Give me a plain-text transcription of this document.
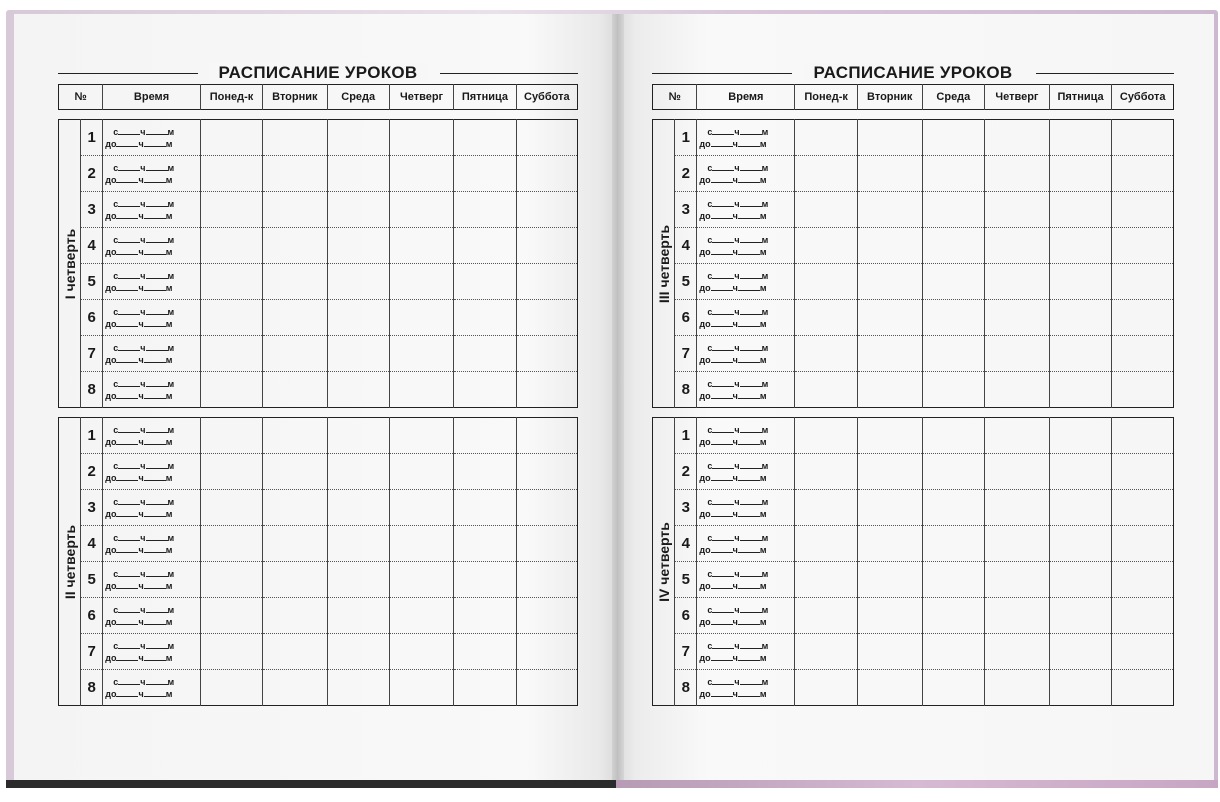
РАСПИСАНИЕ УРОКОВ
№	Время	Понед-к	Вторник	Среда	Четверг	Пятница	Суббота
I четверть	1	с ч м
до ч м						

	2	с ч м
до ч м						

	3	с ч м
до ч м						

	4	с ч м
до ч м						

	5	с ч м
до ч м						

	6	с ч м
до ч м						

	7	с ч м
до ч м						

	8	с ч м
до ч м						

II четверть	1	с ч м
до ч м						

	2	с ч м
до ч м						

	3	с ч м
до ч м						

	4	с ч м
до ч м						

	5	с ч м
до ч м						

	6	с ч м
до ч м						

	7	с ч м
до ч м						

	8	с ч м
до ч м						

РАСПИСАНИЕ УРОКОВ
№	Время	Понед-к	Вторник	Среда	Четверг	Пятница	Суббота
III четверть	1	с ч м
до ч м						

	2	с ч м
до ч м						

	3	с ч м
до ч м						

	4	с ч м
до ч м						

	5	с ч м
до ч м						

	6	с ч м
до ч м						

	7	с ч м
до ч м						

	8	с ч м
до ч м						

IV четверть	1	с ч м
до ч м						

	2	с ч м
до ч м						

	3	с ч м
до ч м						

	4	с ч м
до ч м						

	5	с ч м
до ч м						

	6	с ч м
до ч м						

	7	с ч м
до ч м						

	8	с ч м
до ч м						
